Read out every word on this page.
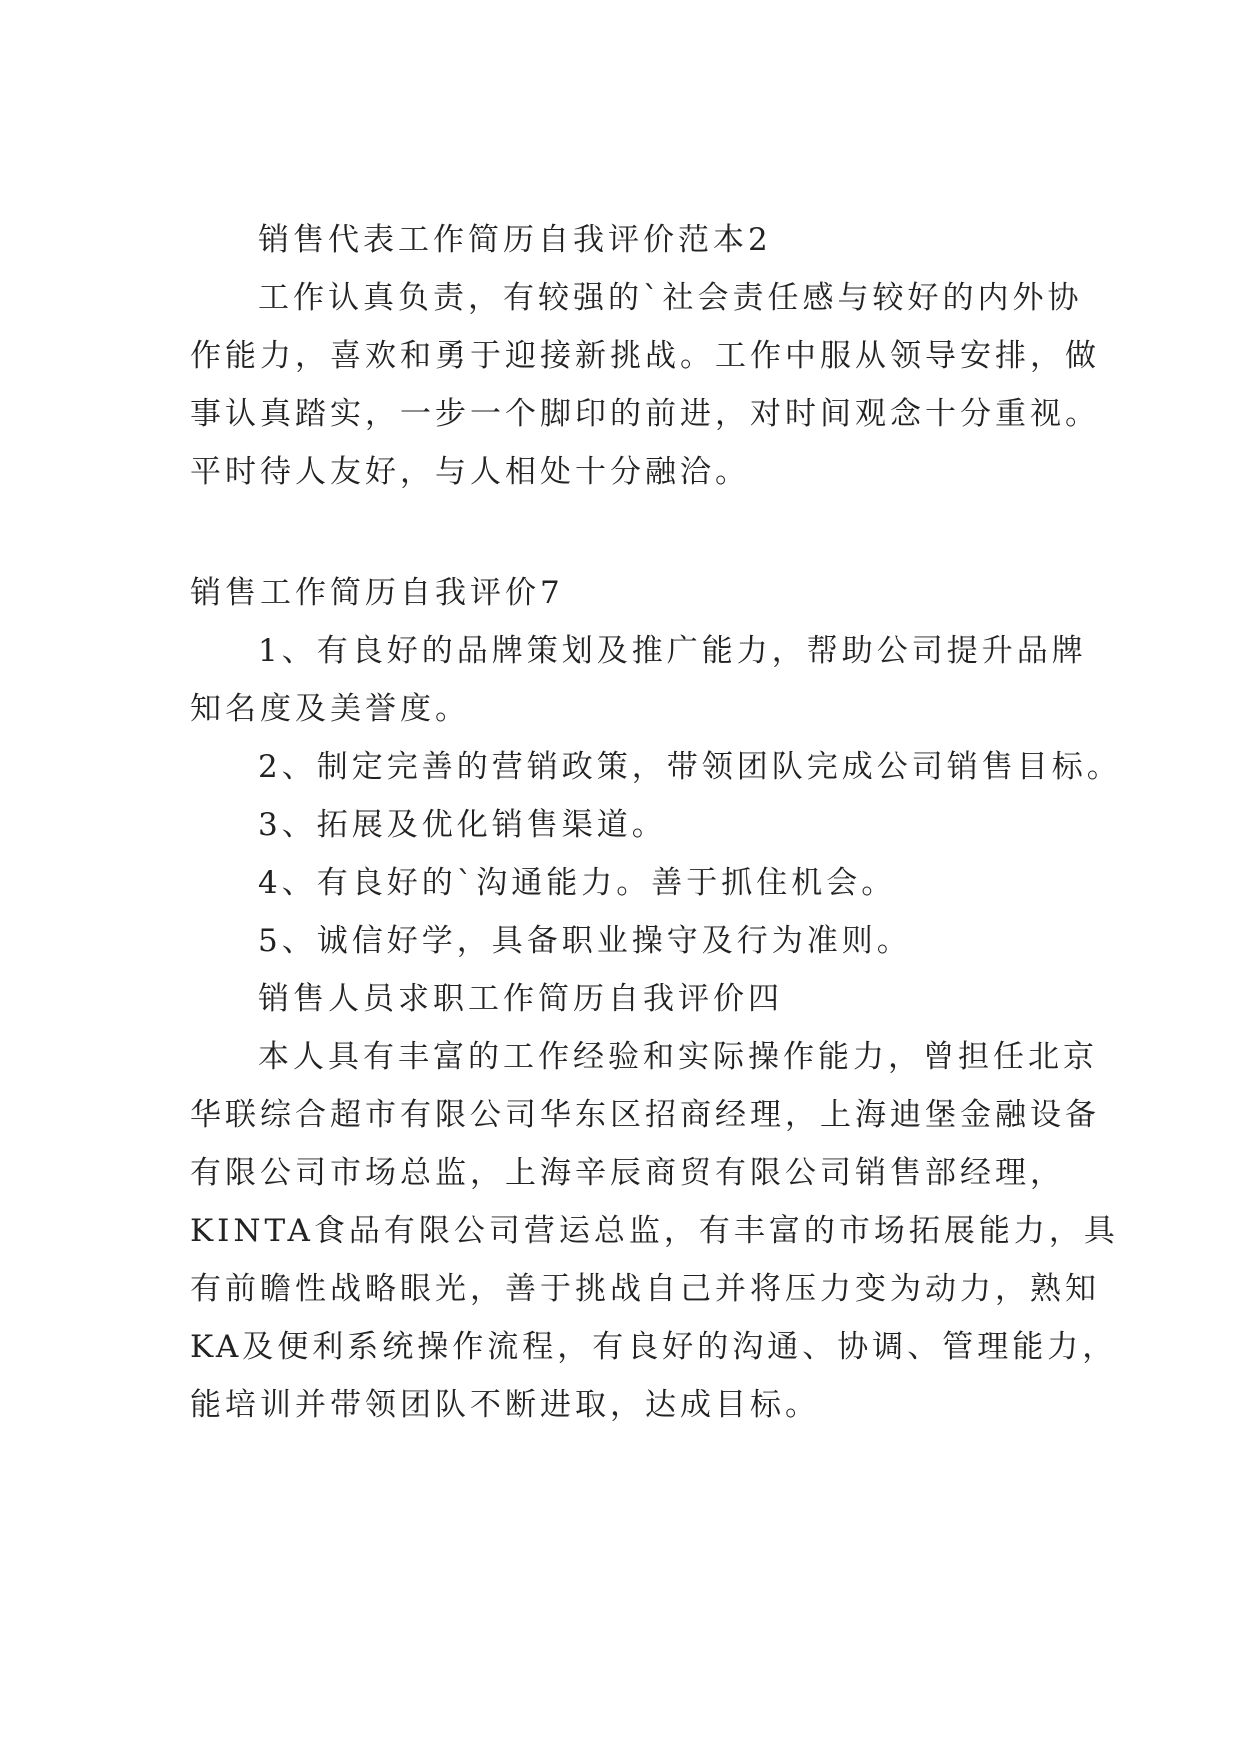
销售代表工作简历自我评价范本2

工作认真负责，有较强的`社会责任感与较好的内外协

作能力，喜欢和勇于迎接新挑战。工作中服从领导安排，做

事认真踏实，一步一个脚印的前进，对时间观念十分重视。

平时待人友好，与人相处十分融洽。

销售工作简历自我评价7

1、有良好的品牌策划及推广能力，帮助公司提升品牌

知名度及美誉度。

2、制定完善的营销政策，带领团队完成公司销售目标。

3、拓展及优化销售渠道。

4、有良好的`沟通能力。善于抓住机会。

5、诚信好学，具备职业操守及行为准则。

销售人员求职工作简历自我评价四

本人具有丰富的工作经验和实际操作能力，曾担任北京

华联综合超市有限公司华东区招商经理，上海迪堡金融设备

有限公司市场总监，上海辛辰商贸有限公司销售部经理，

KINTA食品有限公司营运总监，有丰富的市场拓展能力，具

有前瞻性战略眼光，善于挑战自己并将压力变为动力，熟知

KA及便利系统操作流程，有良好的沟通、协调、管理能力，

能培训并带领团队不断进取，达成目标。
